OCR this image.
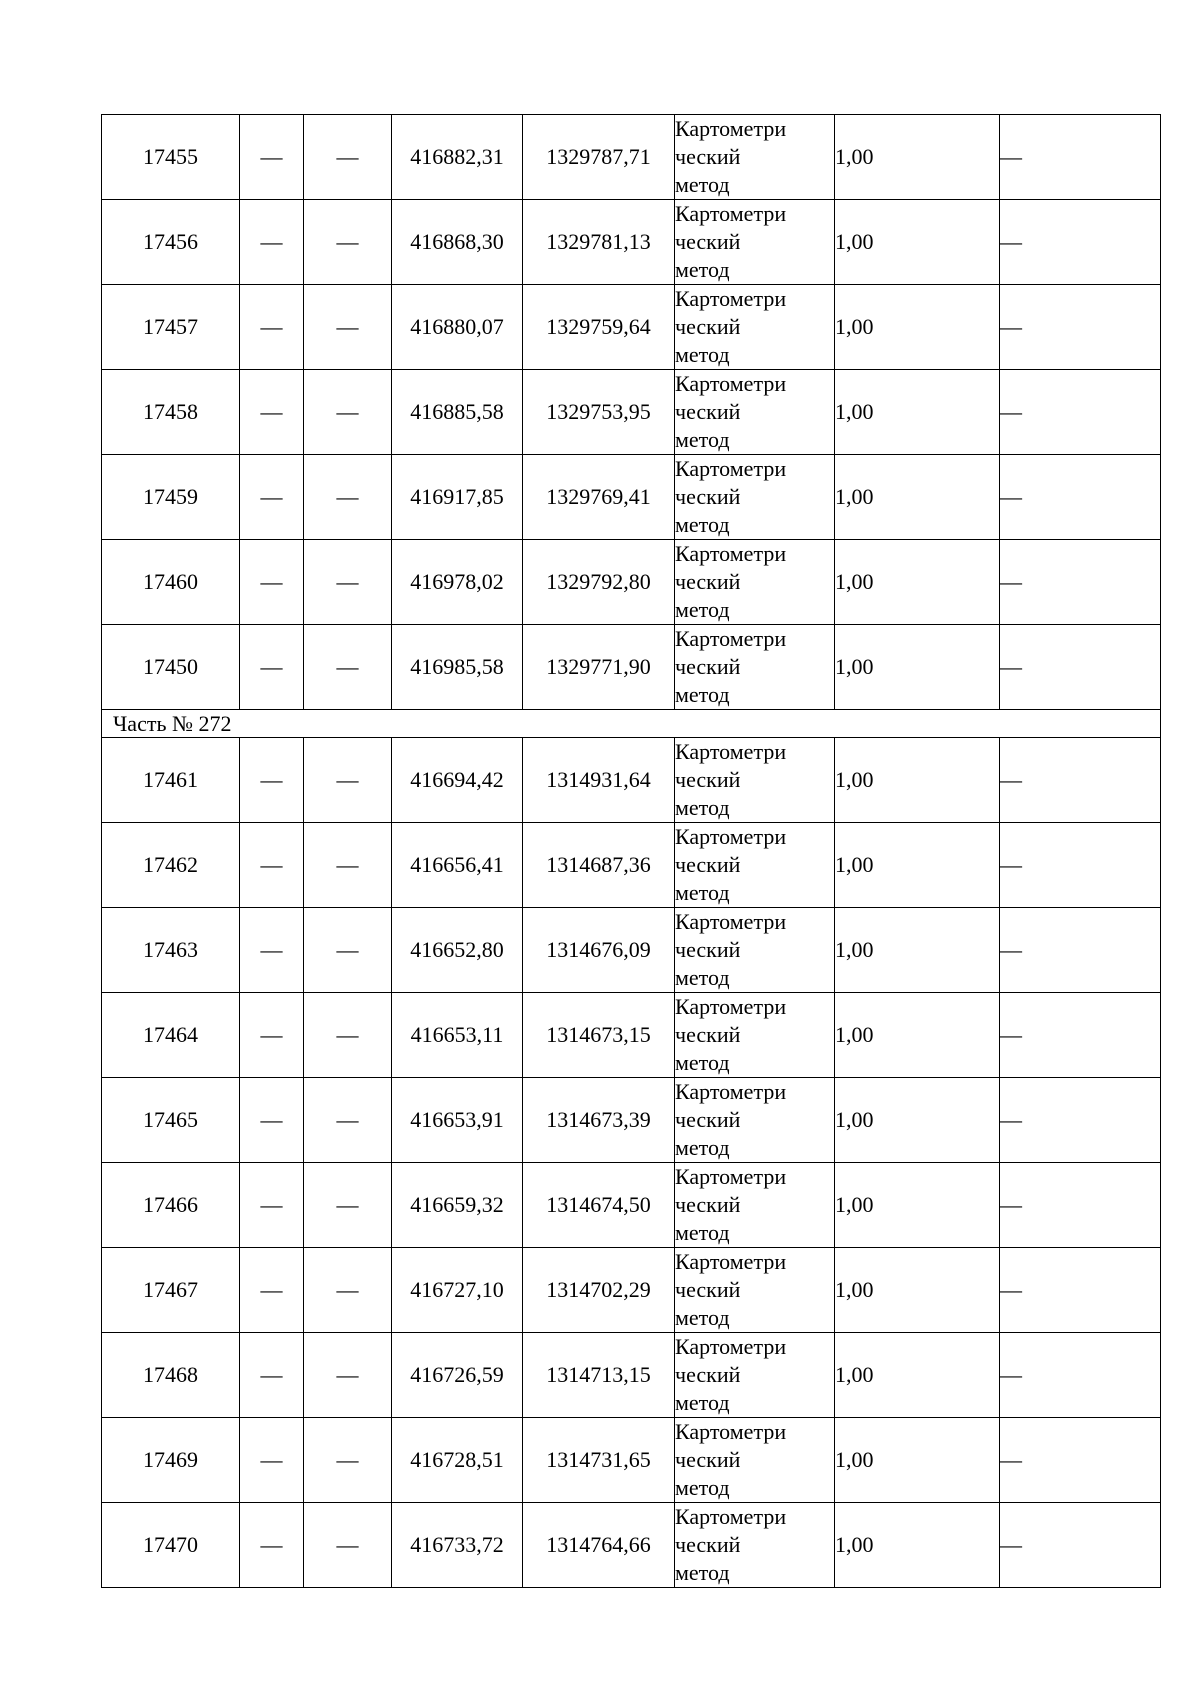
17455	—	—	416882,31	1329787,71	Картометри
ческий
метод	1,00	—
17456	—	—	416868,30	1329781,13	Картометри
ческий
метод	1,00	—
17457	—	—	416880,07	1329759,64	Картометри
ческий
метод	1,00	—
17458	—	—	416885,58	1329753,95	Картометри
ческий
метод	1,00	—
17459	—	—	416917,85	1329769,41	Картометри
ческий
метод	1,00	—
17460	—	—	416978,02	1329792,80	Картометри
ческий
метод	1,00	—
17450	—	—	416985,58	1329771,90	Картометри
ческий
метод	1,00	—
Часть № 272							
17461	—	—	416694,42	1314931,64	Картометри
ческий
метод	1,00	—
17462	—	—	416656,41	1314687,36	Картометри
ческий
метод	1,00	—
17463	—	—	416652,80	1314676,09	Картометри
ческий
метод	1,00	—
17464	—	—	416653,11	1314673,15	Картометри
ческий
метод	1,00	—
17465	—	—	416653,91	1314673,39	Картометри
ческий
метод	1,00	—
17466	—	—	416659,32	1314674,50	Картометри
ческий
метод	1,00	—
17467	—	—	416727,10	1314702,29	Картометри
ческий
метод	1,00	—
17468	—	—	416726,59	1314713,15	Картометри
ческий
метод	1,00	—
17469	—	—	416728,51	1314731,65	Картометри
ческий
метод	1,00	—
17470	—	—	416733,72	1314764,66	Картометри
ческий
метод	1,00	—
